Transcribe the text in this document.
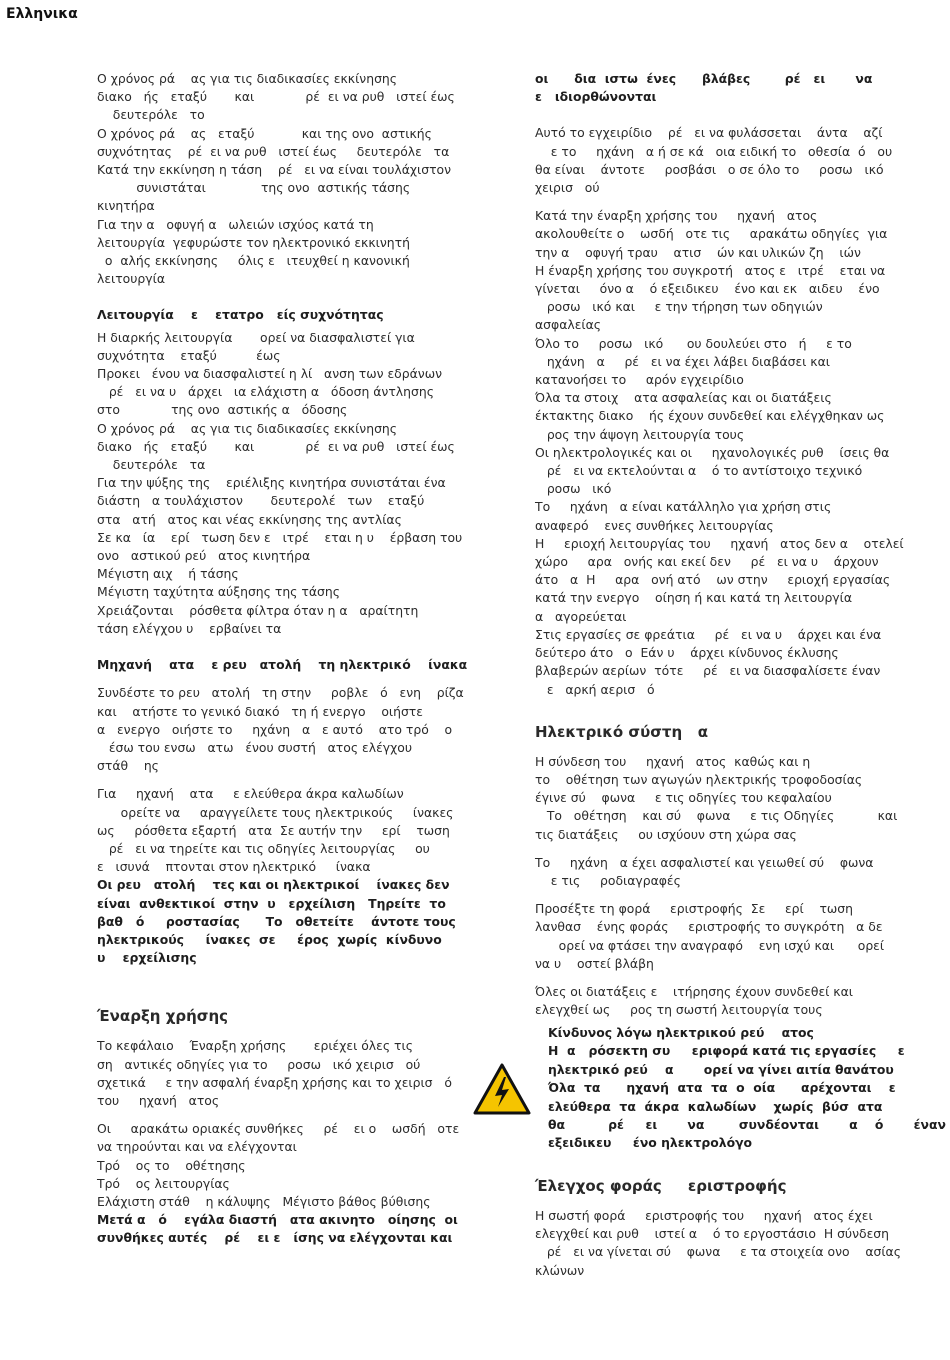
Ελληνικα
Ο χρόνος ρά    ας για τις διαδικασίες εκκίνησης
διακο   ής   εταξύ       και             ρέ  ει να ρυθ   ιστεί έως
δευτερόλε   το
Ο χρόνος ρά    ας   εταξύ            και της ονο  αστικής
συχνότητας    ρέ  ει να ρυθ   ιστεί έως     δευτερόλε   τα
Κατά την εκκίνηση η τάση    ρέ   ει να είναι τουλάχιστον
συνιστάται              της ονο  αστικής τάσης
κινητήρα
Για την α   οφυγή α   ωλειών ισχύος κατά τη
λειτουργία  γεφυρώστε τον ηλεκτρονικό εκκινητή
ο  αλής εκκίνησης     όλις ε   ιτευχθεί η κανονική
λειτουργία
Λειτουργία    ε    ετατρο   είς συχνότητας
Η διαρκής λειτουργία       ορεί να διασφαλιστεί για
συχνότητα    εταξύ          έως
Προκει   ένου να διασφαλιστεί η λί   ανση των εδράνων
ρέ   ει να υ   άρχει   ια ελάχιστη α   όδοση άντλησης
στο             της ονο  αστικής α   όδοσης
Ο χρόνος ρά    ας για τις διαδικασίες εκκίνησης
διακο   ής   εταξύ       και             ρέ  ει να ρυθ   ιστεί έως
δευτερόλε   τα
Για την ψύξης της    εριέλιξης κινητήρα συνιστάται ένα
διάστη   α τουλάχιστον       δευτερολέ   των    εταξύ
στα   ατή   ατος και νέας εκκίνησης της αντλίας
Σε κα   ία    ερί   τωση δεν ε   ιτρέ    εται η υ    έρβαση του
ονο   αστικού ρεύ   ατος κινητήρα
Μέγιστη αιχ    ή τάσης
Μέγιστη ταχύτητα αύξησης της τάσης
Χρειάζονται    ρόσθετα φίλτρα όταν η α   αραίτητη
τάση ελέγχου υ    ερβαίνει τα
Μηχανή    ατα    ε ρευ   ατολή    τη ηλεκτρικό    ίνακα
Συνδέστε το ρευ   ατολή   τη στην     ροβλε   ό   ενη    ρίζα
και    ατήστε το γενικό διακό   τη ή ενεργο    οιήστε
α   ενεργο   οιήστε το     ηχάνη   α   ε αυτό    ατο τρό    ο
έσω του ενσω   ατω   ένου συστή   ατος ελέγχου
στάθ    ης
Για     ηχανή    ατα     ε ελεύθερα άκρα καλωδίων
ορείτε να     αραγγείλετε τους ηλεκτρικούς     ίνακες
ως     ρόσθετα εξαρτή   ατα  Σε αυτήν την     ερί    τωση
ρέ   ει να τηρείτε και τις οδηγίες λειτουργίας     ου
ε   ισυνά    πτονται στον ηλεκτρικό     ίνακα
Οι ρευ   ατολή    τες και οι ηλεκτρικοί    ίνακες δεν
είναι  ανθεκτικοί  στην  υ   ερχείλιση   Τηρείτε  το
βαθ   ό     ροστασίας      Το   οθετείτε    άντοτε τους
ηλεκτρικούς     ίνακες  σε     έρος  χωρίς  κίνδυνο
υ    ερχείλισης
Έναρξη χρήσης
Το κεφάλαιο    Έναρξη χρήσης       εριέχει όλες τις
ση   αντικές οδηγίες για το     ροσω   ικό χειρισ   ού
σχετικά     ε την ασφαλή έναρξη χρήσης και το χειρισ   ό
του     ηχανή   ατος
Οι     αρακάτω οριακές συνθήκες     ρέ    ει ο    ωσδή   οτε
να τηρούνται και να ελέγχονται
Τρό    ος το    οθέτησης
Τρό    ος λειτουργίας
Ελάχιστη στάθ    η κάλυψης   Μέγιστο βάθος βύθισης
Μετά α   ό    εγάλα διαστή   ατα ακινητο   οίησης  οι
συνθήκες αυτές    ρέ    ει ε   ίσης να ελέγχονται και
οι      δια  ιστω  ένες      βλάβες        ρέ   ει       να
ε   ιδιορθώνονται
Αυτό το εγχειρίδιο    ρέ   ει να φυλάσσεται    άντα    αζί
ε το     ηχάνη   α ή σε κά   οια ειδική το   οθεσία  ό   ου
θα είναι    άντοτε     ροσβάσι   ο σε όλο το     ροσω   ικό
χειρισ   ού
Κατά την έναρξη χρήσης του     ηχανή   ατος
ακολουθείτε ο    ωσδή   οτε τις     αρακάτω οδηγίες  για
την α    οφυγή τραυ    ατισ    ών και υλικών ζη    ιών
Η έναρξη χρήσης του συγκροτή   ατος ε   ιτρέ    εται να
γίνεται     όνο α    ό εξειδικευ    ένο και εκ   αιδευ    ένο
ροσω   ικό και     ε την τήρηση των οδηγιών
ασφαλείας
Όλο το     ροσω   ικό      ου δουλεύει στο   ή     ε το
ηχάνη   α     ρέ   ει να έχει λάβει διαβάσει και
κατανοήσει το     αρόν εγχειρίδιο
Όλα τα στοιχ    ατα ασφαλείας και οι διατάξεις
έκτακτης διακο    ής έχουν συνδεθεί και ελέγχθηκαν ως
ρος την άψογη λειτουργία τους
Οι ηλεκτρολογικές και οι     ηχανολογικές ρυθ    ίσεις θα
ρέ   ει να εκτελούνται α    ό το αντίστοιχο τεχνικό
ροσω   ικό
Το     ηχάνη   α είναι κατάλληλο για χρήση στις
αναφερό    ενες συνθήκες λειτουργίας
Η     εριοχή λειτουργίας του     ηχανή   ατος δεν α    οτελεί
χώρο     αρα   ονής και εκεί δεν     ρέ   ει να υ    άρχουν
άτο   α  Η     αρα   ονή ατό    ων στην     εριοχή εργασίας
κατά την ενεργο    οίηση ή και κατά τη λειτουργία
α   αγορεύεται
Στις εργασίες σε φρεάτια     ρέ   ει να υ    άρχει και ένα
δεύτερο άτο   ο  Εάν υ    άρχει κίνδυνος έκλυσης
βλαβερών αερίων  τότε     ρέ   ει να διασφαλίσετε έναν
ε   αρκή αερισ   ό
Ηλεκτρικό σύστη   α
Η σύνδεση του     ηχανή   ατος  καθώς και η
το    οθέτηση των αγωγών ηλεκτρικής τροφοδοσίας
έγινε σύ    φωνα     ε τις οδηγίες του κεφαλαίου
Το   οθέτηση    και σύ    φωνα     ε τις Οδηγίες           και
τις διατάξεις     ου ισχύουν στη χώρα σας
Το     ηχάνη   α έχει ασφαλιστεί και γειωθεί σύ    φωνα
ε τις     ροδιαγραφές
Προσέξτε τη φορά     εριστροφής  Σε     ερί    τωση
λανθασ    ένης φοράς     εριστροφής το συγκρότη   α δε
ορεί να φτάσει την αναγραφό    ενη ισχύ και      ορεί
να υ    οστεί βλάβη
Όλες οι διατάξεις ε    ιτήρησης έχουν συνδεθεί και
ελεγχθεί ως     ρος τη σωστή λειτουργία τους
Κίνδυνος λόγω ηλεκτρικού ρεύ    ατος
Η  α   ρόσεκτη συ     εριφορά κατά τις εργασίες     ε
ηλεκτρικό ρεύ    α       ορεί να γίνει αιτία θανάτου
Όλα  τα      ηχανή  ατα  τα  ο  οία      αρέχονται    ε
ελεύθερα  τα  άκρα  καλωδίων    χωρίς  βύσ  ατα
θα          ρέ     ει       να        συνδέονται       α    ό       έναν
εξειδικευ     ένο ηλεκτρολόγο
Έλεγχος φοράς     εριστροφής
Η σωστή φορά     εριστροφής του     ηχανή   ατος έχει
ελεγχθεί και ρυθ    ιστεί α    ό το εργοστάσιο  Η σύνδεση
ρέ   ει να γίνεται σύ    φωνα     ε τα στοιχεία ονο    ασίας
κλώνων
